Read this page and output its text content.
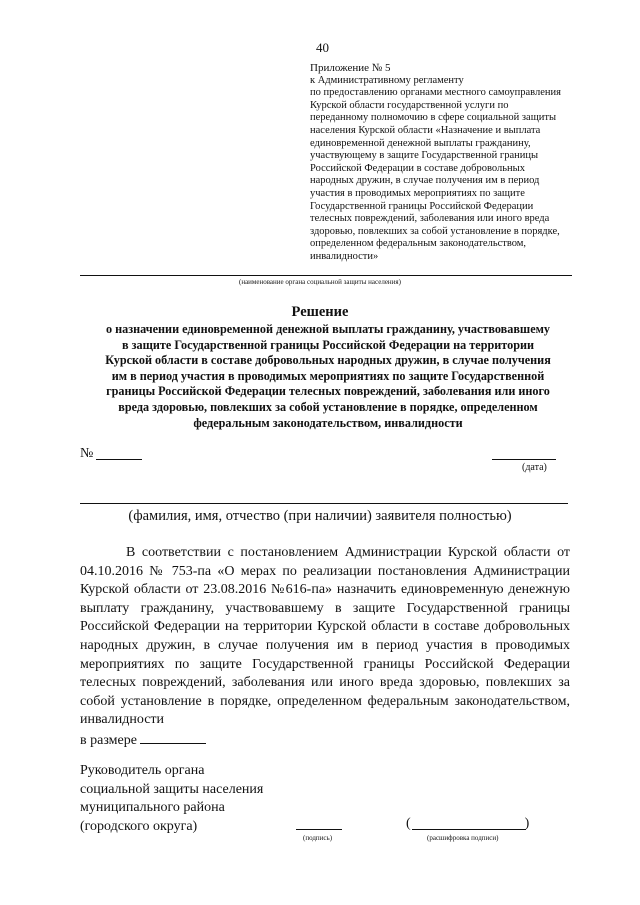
40
Приложение № 5
к Административному регламенту
по предоставлению органами местного самоуправления
Курской области государственной услуги по
переданному полномочию в сфере социальной защиты
населения Курской области «Назначение и выплата
единовременной денежной выплаты гражданину,
участвующему в защите Государственной границы
Российской Федерации в составе добровольных
народных дружин, в случае получения им в период
участия в проводимых мероприятиях по защите
Государственной границы Российской Федерации
телесных повреждений, заболевания или иного вреда
здоровью, повлекших за собой установление в порядке,
определенном федеральным законодательством,
инвалидности»
(наименование органа социальной защиты населения)
Решение
о назначении единовременной денежной выплаты гражданину, участвовавшему
в защите Государственной границы Российской Федерации на территории
Курской области в составе добровольных народных дружин, в случае получения
им в период участия в проводимых мероприятиях по защите Государственной
границы Российской Федерации телесных повреждений, заболевания или иного
вреда здоровью, повлекших за собой установление в порядке, определенном
федеральным законодательством, инвалидности
№
(дата)
(фамилия, имя, отчество (при наличии) заявителя полностью)

В соответствии с постановлением Администрации Курской области от 04.10.2016 № 753-па «О мерах по реализации постановления Администрации Курской области от 23.08.2016 №616-па» назначить единовременную денежную выплату гражданину, участвовавшему в защите Государственной границы Российской Федерации на территории Курской области в составе добровольных народных дружин, в случае получения им в период участия в проводимых мероприятиях по защите Государственной границы Российской Федерации телесных повреждений, заболевания или иного вреда здоровью, повлекших за собой установление в порядке, определенном федеральным законодательством, инвалидности

в размере
Руководитель органа
социальной защиты населения
муниципального района
(городского округа)
(подпись)
(	)
(расшифровка подписи)
